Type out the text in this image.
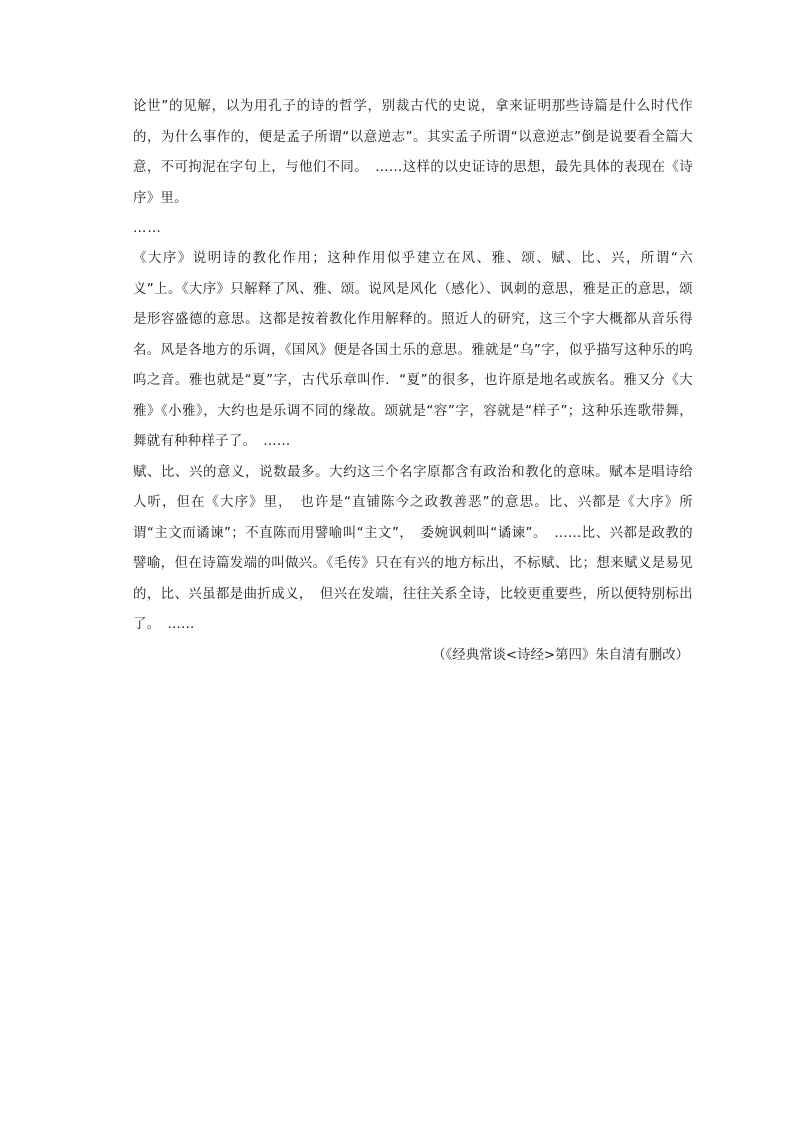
论世”的见解，以为用孔子的诗的哲学，别裁古代的史说，拿来证明那些诗篇是什么时代作的，为什么事作的，便是孟子所谓“以意逆志”。其实孟子所谓“以意逆志”倒是说要看全篇大意，不可拘泥在字句上，与他们不同。　……这样的以史证诗的思想，最先具体的表现在《诗序》里。

……

《大序》说明诗的教化作用；这种作用似乎建立在风、雅、颂、赋、比、兴，所谓“六义”上。《大序》只解释了风、雅、颂。说风是风化（感化）、讽刺的意思，雅是正的意思，颂是形容盛德的意思。这都是按着教化作用解释的。照近人的研究，这三个字大概都从音乐得名。风是各地方的乐调，《国风》便是各国土乐的意思。雅就是“乌”字，似乎描写这种乐的呜呜之音。雅也就是“夏”字，古代乐章叫作．“夏”的很多，也许原是地名或族名。雅又分《大雅》《小雅》，大约也是乐调不同的缘故。颂就是“容”字，容就是“样子”；这种乐连歌带舞，舞就有种种样子了。　……

赋、比、兴的意义，说数最多。大约这三个名字原都含有政治和教化的意味。赋本是唱诗给人听，但在《大序》里，　也许是“直铺陈今之政教善恶”的意思。比、兴都是《大序》所谓“主文而谲谏”；不直陈而用譬喻叫“主文”，　委婉讽刺叫“谲谏”。　……比、兴都是政教的譬喻，但在诗篇发端的叫做兴。《毛传》只在有兴的地方标出，不标赋、比；想来赋义是易见的，比、兴虽都是曲折成义，　但兴在发端，往往关系全诗，比较更重要些，所以便特别标出了。　……

（《经典常谈<诗经>第四》朱自清有删改）
